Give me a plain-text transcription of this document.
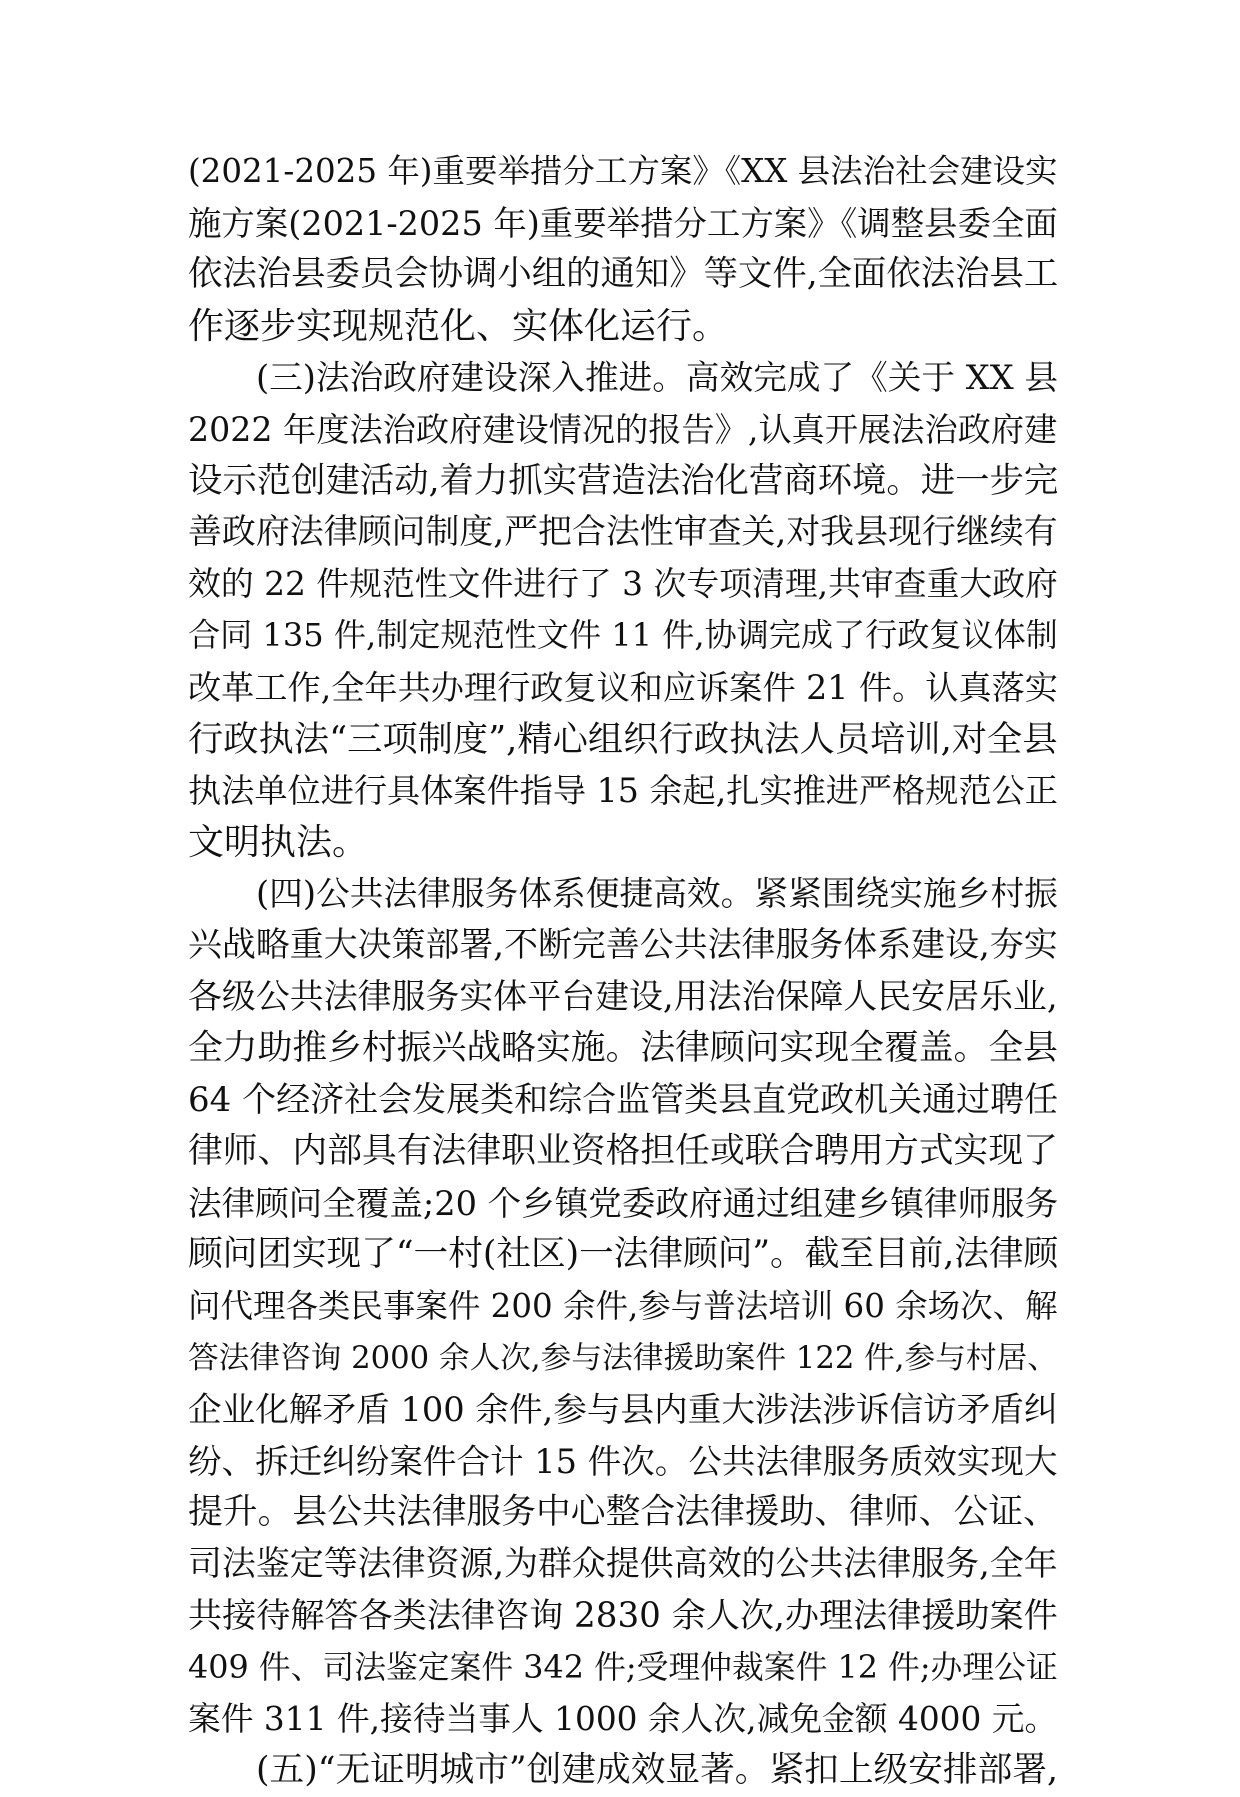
(2021-2025 年)重要举措分工方案》《XX 县法治社会建设实
施方案(2021-2025 年)重要举措分工方案》《调整县委全面
依法治县委员会协调小组的通知》等文件,全面依法治县工
作逐步实现规范化、实体化运行。
(三)法治政府建设深入推进。高效完成了《关于 XX 县
2022 年度法治政府建设情况的报告》,认真开展法治政府建
设示范创建活动,着力抓实营造法治化营商环境。进一步完
善政府法律顾问制度,严把合法性审查关,对我县现行继续有
效的 22 件规范性文件进行了 3 次专项清理,共审查重大政府
合同 135 件,制定规范性文件 11 件,协调完成了行政复议体制
改革工作,全年共办理行政复议和应诉案件 21 件。认真落实
行政执法“三项制度”,精心组织行政执法人员培训,对全县
执法单位进行具体案件指导 15 余起,扎实推进严格规范公正
文明执法。
(四)公共法律服务体系便捷高效。紧紧围绕实施乡村振
兴战略重大决策部署,不断完善公共法律服务体系建设,夯实
各级公共法律服务实体平台建设,用法治保障人民安居乐业,
全力助推乡村振兴战略实施。法律顾问实现全覆盖。全县
64 个经济社会发展类和综合监管类县直党政机关通过聘任
律师、内部具有法律职业资格担任或联合聘用方式实现了
法律顾问全覆盖;20 个乡镇党委政府通过组建乡镇律师服务
顾问团实现了“一村(社区)一法律顾问”。截至目前,法律顾
问代理各类民事案件 200 余件,参与普法培训 60 余场次、解
答法律咨询 2000 余人次,参与法律援助案件 122 件,参与村居、
企业化解矛盾 100 余件,参与县内重大涉法涉诉信访矛盾纠
纷、拆迁纠纷案件合计 15 件次。公共法律服务质效实现大
提升。县公共法律服务中心整合法律援助、律师、公证、
司法鉴定等法律资源,为群众提供高效的公共法律服务,全年
共接待解答各类法律咨询 2830 余人次,办理法律援助案件
409 件、司法鉴定案件 342 件;受理仲裁案件 12 件;办理公证
案件 311 件,接待当事人 1000 余人次,减免金额 4000 元。
(五)“无证明城市”创建成效显著。紧扣上级安排部署,
